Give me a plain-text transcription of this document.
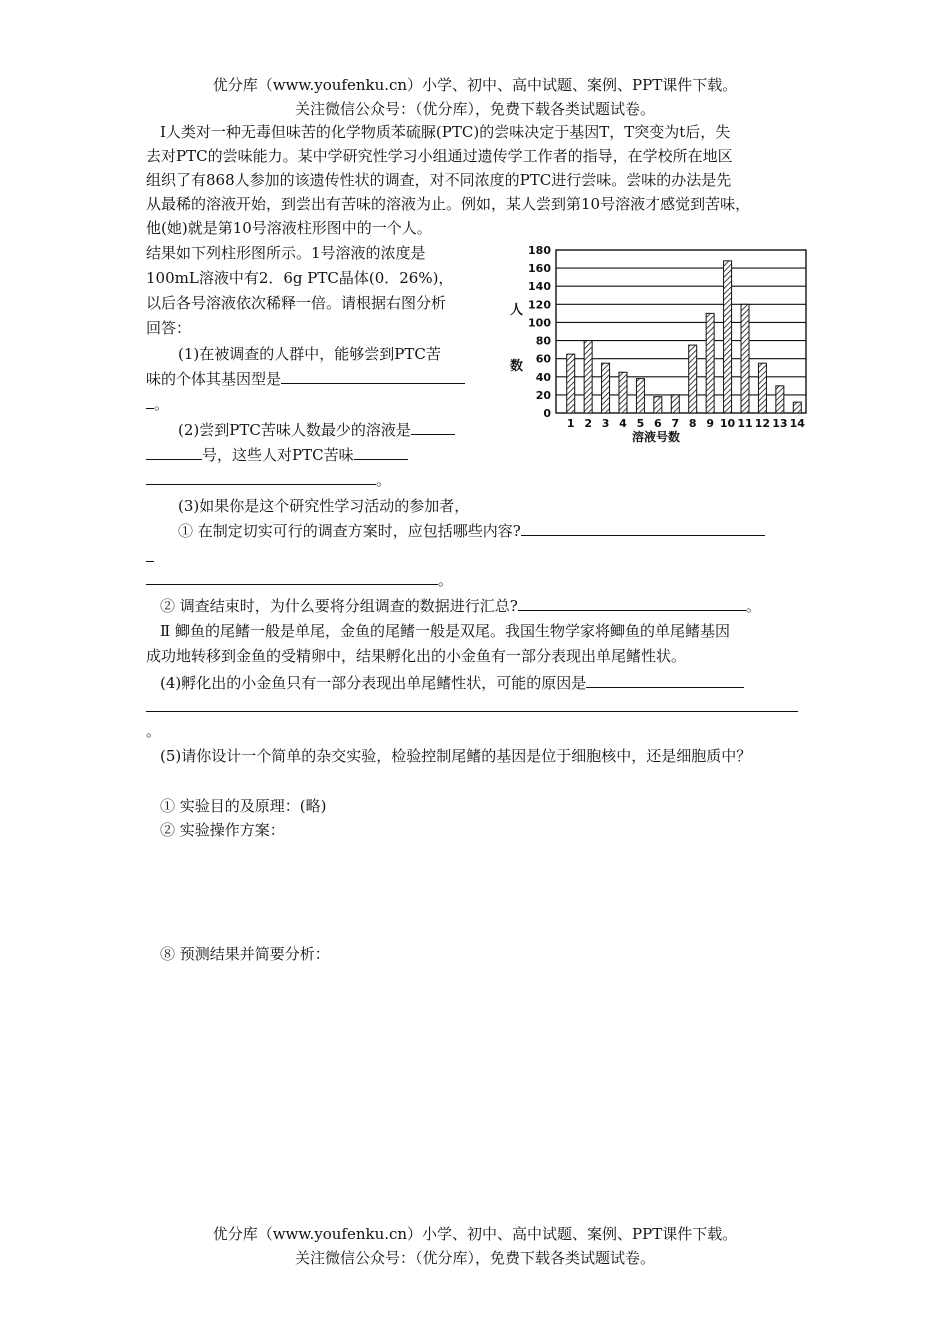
优分库（www.youfenku.cn）小学、初中、高中试题、案例、PPT课件下载。
关注微信公众号：（优分库），免费下载各类试题试卷。
Ⅰ人类对一种无毒但味苦的化学物质苯硫脲(PTC)的尝味决定于基因T，T突变为t后，失
去对PTC的尝味能力。某中学研究性学习小组通过遗传学工作者的指导，在学校所在地区
组织了有868人参加的该遗传性状的调查，对不同浓度的PTC进行尝味。尝味的办法是先
从最稀的溶液开始，到尝出有苦味的溶液为止。例如，某人尝到第10号溶液才感觉到苦味，
他(她)就是第10号溶液柱形图中的一个人。
结果如下列柱形图所示。1号溶液的浓度是
100mL溶液中有2．6g PTC晶体(0．26%)，
以后各号溶液依次稀释一倍。请根据右图分析
回答：
(1)在被调查的人群中，能够尝到PTC苦
味的个体其基因型是
。
(2)尝到PTC苦味人数最少的溶液是
号，这些人对PTC苦味
。
0
20
40
60
80
100
120
140
160
180
1 2 3 4 5 6 7 8 9 10 11 12 13 14
人
数
溶液号数
(3)如果你是这个研究性学习活动的参加者，
① 在制定切实可行的调查方案时，应包括哪些内容?
。
② 调查结束时，为什么要将分组调查的数据进行汇总?	。
Ⅱ 鲫鱼的尾鳍一般是单尾，金鱼的尾鳍一般是双尾。我国生物学家将鲫鱼的单尾鳍基因
成功地转移到金鱼的受精卵中，结果孵化出的小金鱼有一部分表现出单尾鳍性状。
(4)孵化出的小金鱼只有一部分表现出单尾鳍性状，可能的原因是
。
(5)请你设计一个简单的杂交实验，检验控制尾鳍的基因是位于细胞核中，还是细胞质中？
① 实验目的及原理：(略)
② 实验操作方案：
⑧ 预测结果并简要分析：
优分库（www.youfenku.cn）小学、初中、高中试题、案例、PPT课件下载。
关注微信公众号：（优分库），免费下载各类试题试卷。
